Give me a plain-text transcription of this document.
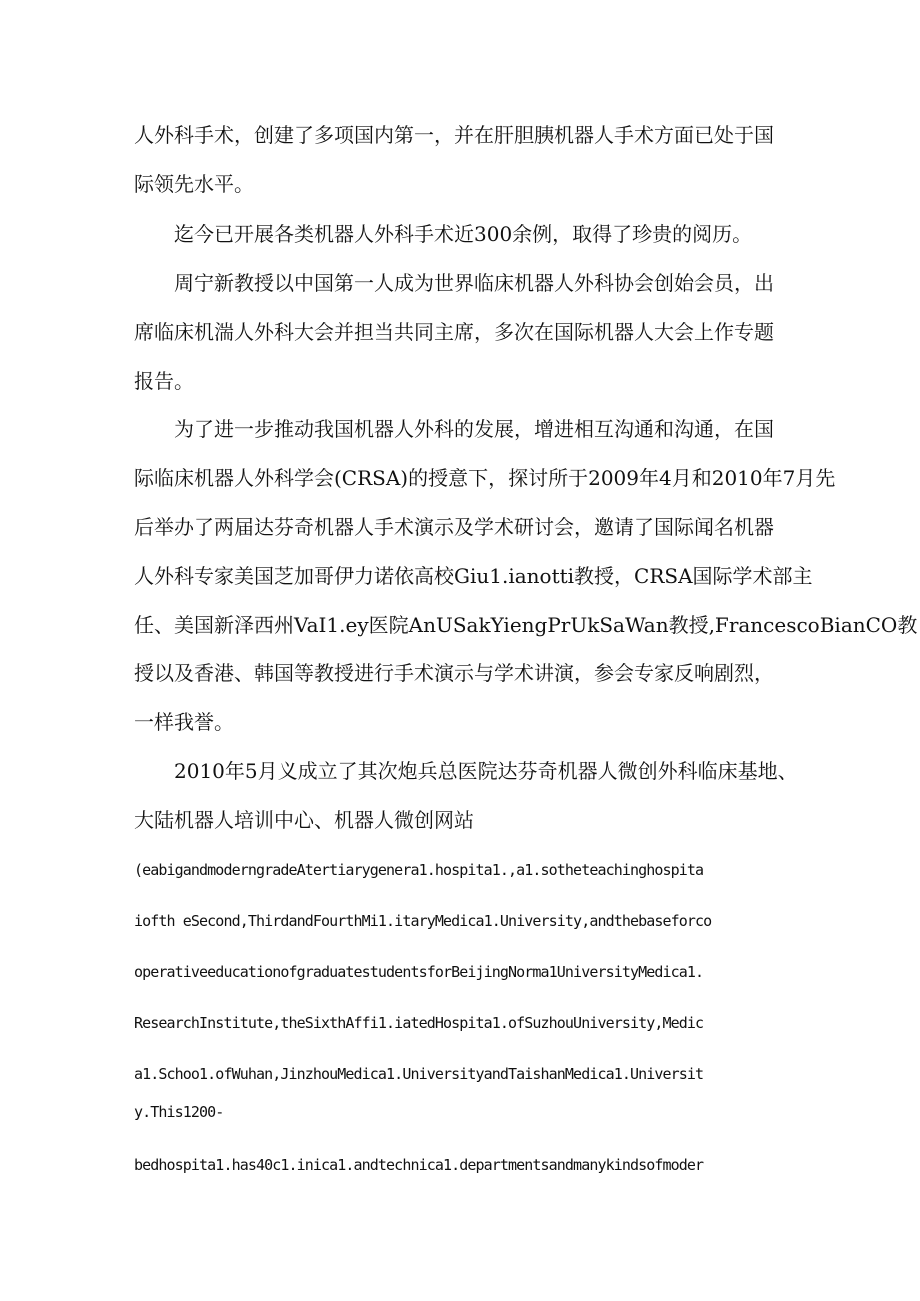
人外科手术，创建了多项国内第一，并在肝胆胰机器人手术方面已处于国
际领先水平。
迄今已开展各类机器人外科手术近300余例，取得了珍贵的阅历。
周宁新教授以中国第一人成为世界临床机器人外科协会创始会员，出
席临床机湍人外科大会并担当共同主席，多次在国际机器人大会上作专题
报告。
为了进一步推动我国机器人外科的发展，增进相互沟通和沟通，在国
际临床机器人外科学会(CRSA)的授意下，探讨所于2009年4月和2010年7月先
后举办了两届达芬奇机器人手术演示及学术研讨会，邀请了国际闻名机器
人外科专家美国芝加哥伊力诺依高校Giu1.ianotti教授，CRSA国际学术部主
任、美国新泽西州VaI1.ey医院AnUSakYiengPrUkSaWan教授,FrancescoBianCO教
授以及香港、韩国等教授进行手术演示与学术讲演，参会专家反响剧烈，
一样我誉。
2010年5月义成立了其次炮兵总医院达芬奇机器人微创外科临床基地、
大陆机器人培训中心、机器人微创网站
(eabigandmoderngradeAtertiarygenera1.hospita1.,a1.sotheteachinghospita
iofth eSecond,ThirdandFourthMi1.itaryMedica1.University,andthebaseforco
operativeeducationofgraduatestudentsforBeijingNorma1UniversityMedica1.
ResearchInstitute,theSixthAffi1.iatedHospita1.ofSuzhouUniversity,Medic
a1.Schoo1.ofWuhan,JinzhouMedica1.UniversityandTaishanMedica1.Universit
y.This1200-
bedhospita1.has40c1.inica1.andtechnica1.departmentsandmanykindsofmoder
